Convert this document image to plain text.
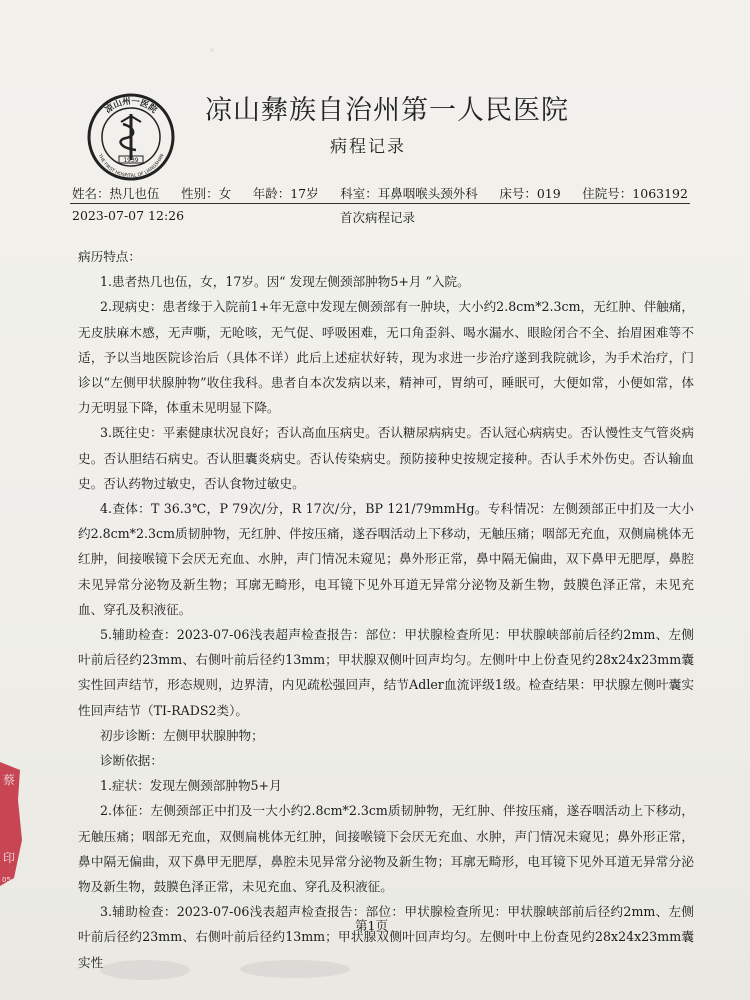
1939
凉山州一医院
THE FIRST HOSPITAL OF LIANGSHAN
凉山彝族自治州第一人民医院
病程记录
姓名：热几也伍 性别：女 年龄：17岁 科室：耳鼻咽喉头颈外科 床号：019 住院号：1063192
2023-07-07 12:26	首次病程记录

病历特点：

1.患者热几也伍，女，17岁。因“ 发现左侧颈部肿物5+月 ”入院。

2.现病史：患者缘于入院前1+年无意中发现左侧颈部有一肿块，大小约2.8cm*2.3cm，无红肿、伴触痛，无皮肤麻木感，无声嘶，无呛咳，无气促、呼吸困难，无口角歪斜、喝水漏水、眼睑闭合不全、抬眉困难等不适，予以当地医院诊治后（具体不详）此后上述症状好转，现为求进一步治疗遂到我院就诊，为手术治疗，门诊以“左侧甲状腺肿物”收住我科。患者自本次发病以来，精神可，胃纳可，睡眠可，大便如常，小便如常，体力无明显下降，体重未见明显下降。

3.既往史：平素健康状况良好；否认高血压病史。否认糖尿病病史。否认冠心病病史。否认慢性支气管炎病史。否认胆结石病史。否认胆囊炎病史。否认传染病史。预防接种史按规定接种。否认手术外伤史。否认输血史。否认药物过敏史，否认食物过敏史。

4.查体：T 36.3℃，P 79次/分，R 17次/分，BP 121/79mmHg。专科情况：左侧颈部正中扪及一大小约2.8cm*2.3cm质韧肿物，无红肿、伴按压痛，遂吞咽活动上下移动，无触压痛；咽部无充血，双侧扁桃体无红肿，间接喉镜下会厌无充血、水肿，声门情况未窥见；鼻外形正常，鼻中隔无偏曲，双下鼻甲无肥厚，鼻腔未见异常分泌物及新生物；耳廓无畸形，电耳镜下见外耳道无异常分泌物及新生物，鼓膜色泽正常，未见充血、穿孔及积液征。

5.辅助检查：2023-07-06浅表超声检查报告：部位：甲状腺检查所见：甲状腺峡部前后径约2mm、左侧叶前后径约23mm、右侧叶前后径约13mm；甲状腺双侧叶回声均匀。左侧叶中上份查见约28x24x23mm囊实性回声结节，形态规则，边界清，内见疏松强回声，结节Adler血流评级1级。检查结果：甲状腺左侧叶囊实性回声结节（TI-RADS2类）。

初步诊断：左侧甲状腺肿物；

诊断依据：

1.症状：发现左侧颈部肿物5+月

2.体征：左侧颈部正中扪及一大小约2.8cm*2.3cm质韧肿物，无红肿、伴按压痛，遂吞咽活动上下移动，无触压痛；咽部无充血，双侧扁桃体无红肿，间接喉镜下会厌无充血、水肿，声门情况未窥见；鼻外形正常，鼻中隔无偏曲，双下鼻甲无肥厚，鼻腔未见异常分泌物及新生物；耳廓无畸形，电耳镜下见外耳道无异常分泌物及新生物，鼓膜色泽正常，未见充血、穿孔及积液征。

3.辅助检查：2023-07-06浅表超声检查报告：部位：甲状腺检查所见：甲状腺峡部前后径约2mm、左侧叶前后径约23mm、右侧叶前后径约13mm；甲状腺双侧叶回声均匀。左侧叶中上份查见约28x24x23mm囊实性

蔡
印
05
第1页
